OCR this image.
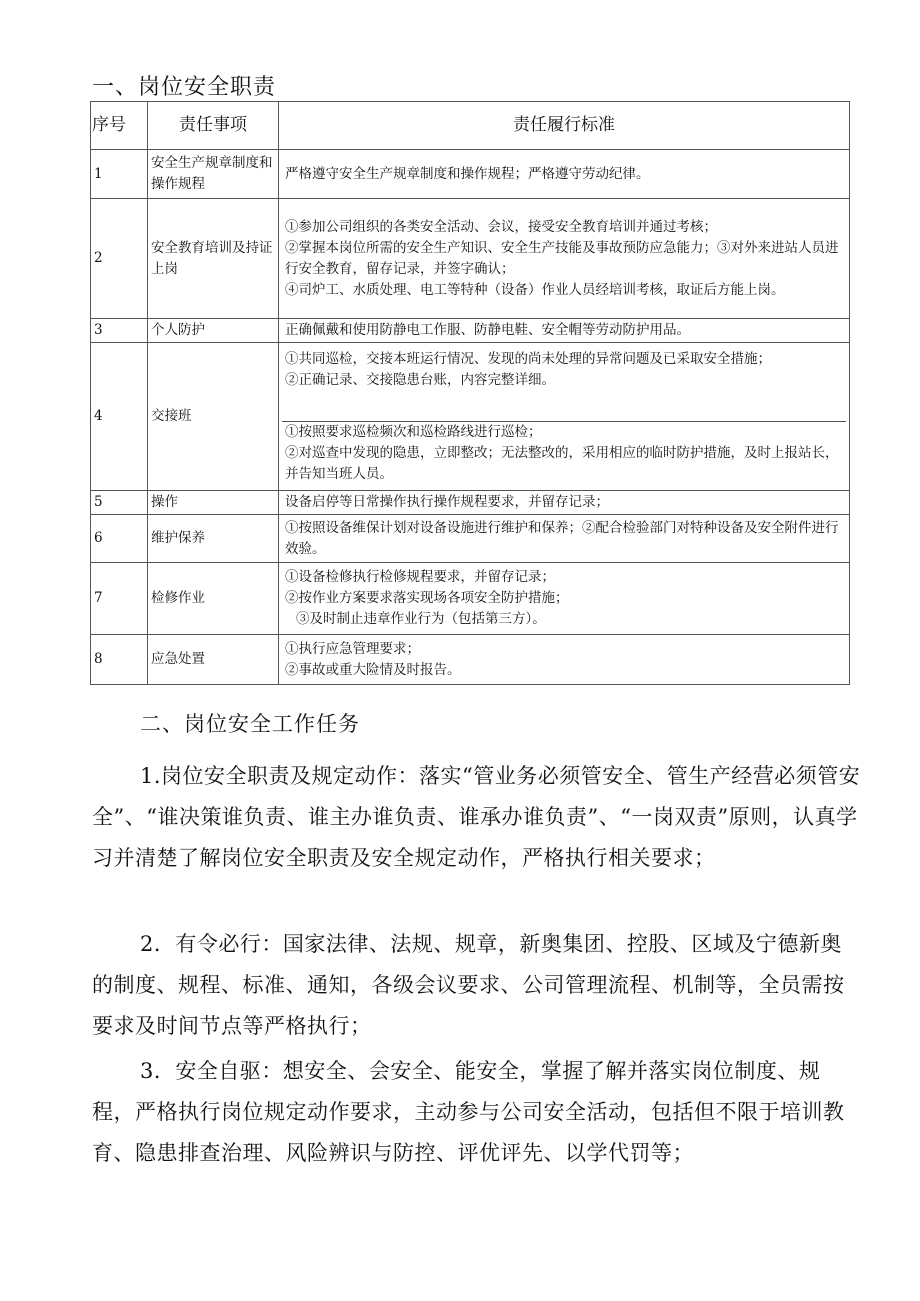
一、岗位安全职责
序号	责任事项	责任履行标准
1	安全生产规章制度和操作规程	严格遵守安全生产规章制度和操作规程；严格遵守劳动纪律。

2	安全教育培训及持证上岗	①参加公司组织的各类安全活动、会议，接受安全教育培训并通过考核；
②掌握本岗位所需的安全生产知识、安全生产技能及事故预防应急能力；③对外来进站人员进行安全教育，留存记录，并签字确认；
④司炉工、水质处理、电工等特种（设备）作业人员经培训考核，取证后方能上岗。

3	个人防护	正确佩戴和使用防静电工作服、防静电鞋、安全帽等劳动防护用品。

4	交接班	①共同巡检，交接本班运行情况、发现的尚未处理的异常问题及已采取安全措施；
②正确记录、交接隐患台账，内容完整详细。
①按照要求巡检频次和巡检路线进行巡检；
②对巡查中发现的隐患，立即整改；无法整改的，采用相应的临时防护措施，及时上报站长，并告知当班人员。

5	操作	设备启停等日常操作执行操作规程要求，并留存记录；

6	维护保养	①按照设备维保计划对设备设施进行维护和保养；②配合检验部门对特种设备及安全附件进行效验。

7	检修作业	①设备检修执行检修规程要求，并留存记录；
②按作业方案要求落实现场各项安全防护措施；
③及时制止违章作业行为（包括第三方）。

8	应急处置	①执行应急管理要求；
②事故或重大险情及时报告。
二、岗位安全工作任务

1.岗位安全职责及规定动作：落实“管业务必须管安全、管生产经营必须管安全”、“谁决策谁负责、谁主办谁负责、谁承办谁负责”、“一岗双责”原则，认真学习并清楚了解岗位安全职责及安全规定动作，严格执行相关要求；

2．有令必行：国家法律、法规、规章，新奥集团、控股、区域及宁德新奥的制度、规程、标准、通知，各级会议要求、公司管理流程、机制等，全员需按要求及时间节点等严格执行；

3．安全自驱：想安全、会安全、能安全，掌握了解并落实岗位制度、规程，严格执行岗位规定动作要求，主动参与公司安全活动，包括但不限于培训教育、隐患排查治理、风险辨识与防控、评优评先、以学代罚等；
